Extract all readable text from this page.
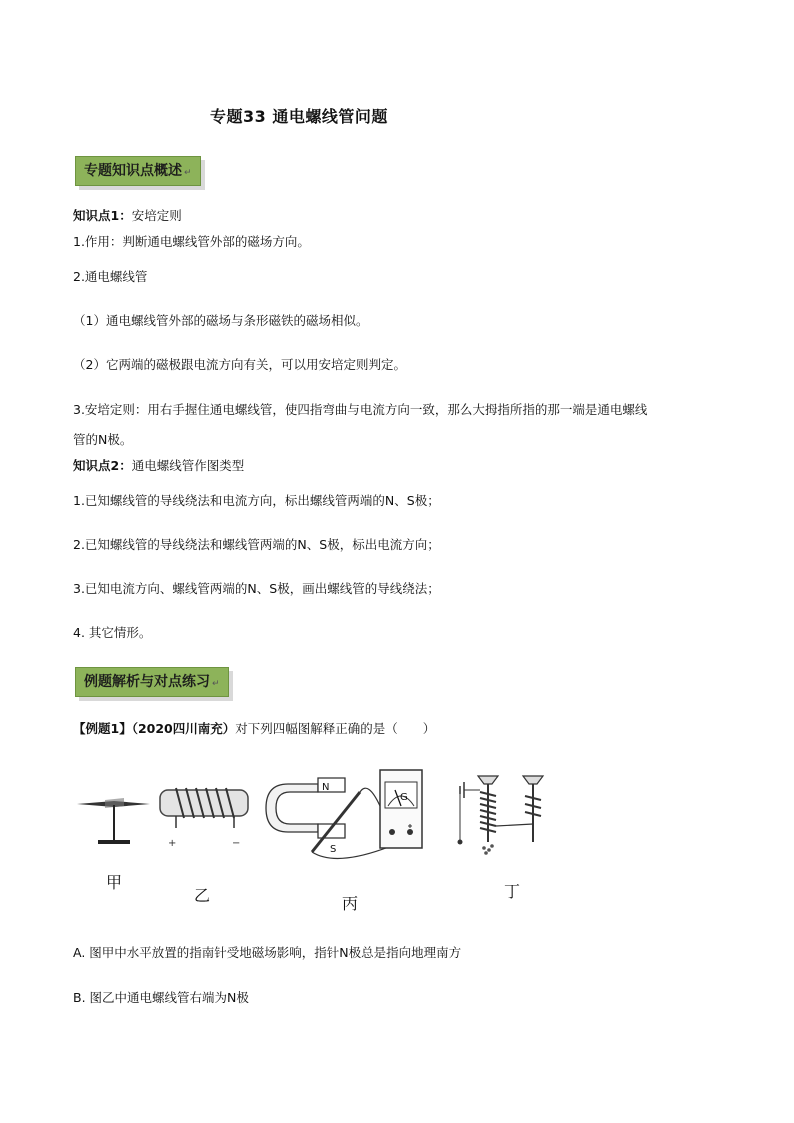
专题33 通电螺线管问题
专题知识点概述 ↵
知识点1：安培定则
1.作用：判断通电螺线管外部的磁场方向。
2.通电螺线管
（1）通电螺线管外部的磁场与条形磁铁的磁场相似。
（2）它两端的磁极跟电流方向有关，可以用安培定则判定。
3.安培定则：用右手握住通电螺线管，使四指弯曲与电流方向一致，那么大拇指所指的那一端是通电螺线
管的N极。
知识点2：通电螺线管作图类型
1.已知螺线管的导线绕法和电流方向，标出螺线管两端的N、S极；
2.已知螺线管的导线绕法和螺线管两端的N、S极，标出电流方向；
3.已知电流方向、螺线管两端的N、S极，画出螺线管的导线绕法；
4. 其它情形。
例题解析与对点练习 ↵
【例题1】（2020四川南充）对下列四幅图解释正确的是（　　）
+	−
N
S
G
甲
乙	丙
丁
A. 图甲中水平放置的指南针受地磁场影响，指针N极总是指向地理南方
B. 图乙中通电螺线管右端为N极
